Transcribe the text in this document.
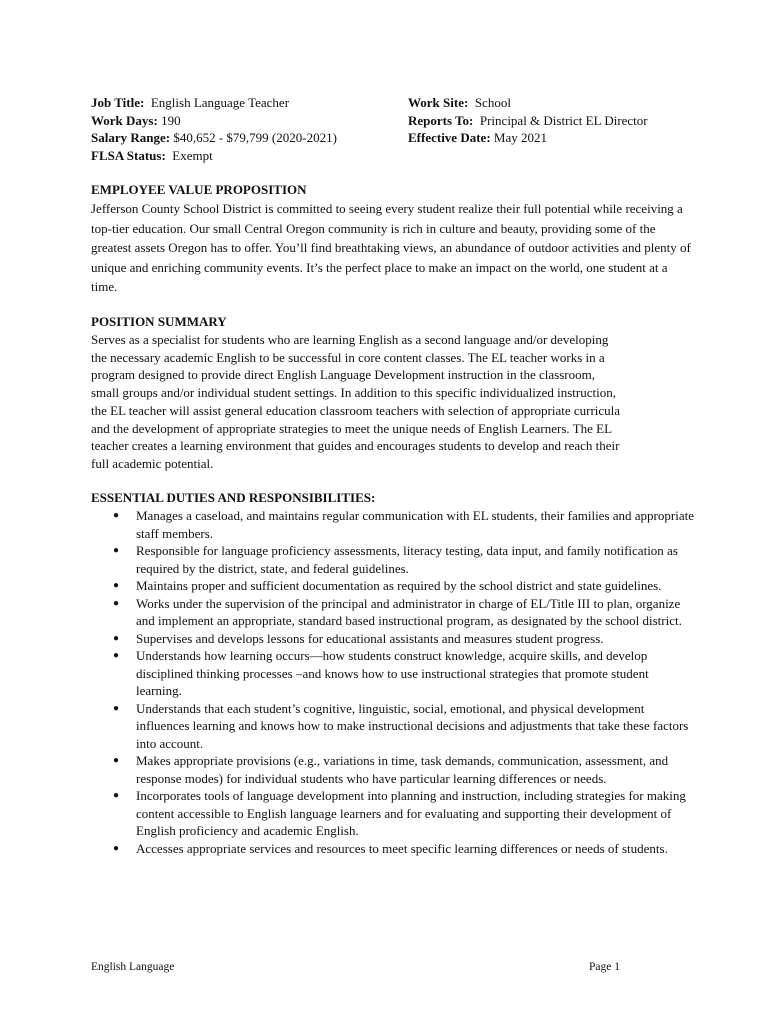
Job Title: English Language Teacher
Work Days: 190
Salary Range: $40,652 - $79,799 (2020-2021)
FLSA Status: Exempt
Work Site: School
Reports To: Principal & District EL Director
Effective Date: May 2021
EMPLOYEE VALUE PROPOSITION
Jefferson County School District is committed to seeing every student realize their full potential while receiving a top-tier education. Our small Central Oregon community is rich in culture and beauty, providing some of the greatest assets Oregon has to offer. You’ll find breathtaking views, an abundance of outdoor activities and plenty of unique and enriching community events. It’s the perfect place to make an impact on the world, one student at a time.
POSITION SUMMARY
Serves as a specialist for students who are learning English as a second language and/or developing the necessary academic English to be successful in core content classes. The EL teacher works in a program designed to provide direct English Language Development instruction in the classroom, small groups and/or individual student settings. In addition to this specific individualized instruction, the EL teacher will assist general education classroom teachers with selection of appropriate curricula and the development of appropriate strategies to meet the unique needs of English Learners. The EL teacher creates a learning environment that guides and encourages students to develop and reach their full academic potential.
ESSENTIAL DUTIES AND RESPONSIBILITIES:
● Manages a caseload, and maintains regular communication with EL students, their families and appropriate staff members.
● Responsible for language proficiency assessments, literacy testing, data input, and family notification as required by the district, state, and federal guidelines.
● Maintains proper and sufficient documentation as required by the school district and state guidelines.
● Works under the supervision of the principal and administrator in charge of EL/Title III to plan, organize and implement an appropriate, standard based instructional program, as designated by the school district.
● Supervises and develops lessons for educational assistants and measures student progress.
● Understands how learning occurs—how students construct knowledge, acquire skills, and develop disciplined thinking processes –and knows how to use instructional strategies that promote student learning.
● Understands that each student’s cognitive, linguistic, social, emotional, and physical development influences learning and knows how to make instructional decisions and adjustments that take these factors into account.
● Makes appropriate provisions (e.g., variations in time, task demands, communication, assessment, and response modes) for individual students who have particular learning differences or needs.
● Incorporates tools of language development into planning and instruction, including strategies for making content accessible to English language learners and for evaluating and supporting their development of English proficiency and academic English.
● Accesses appropriate services and resources to meet specific learning differences or needs of students.
English Language	Page 1
